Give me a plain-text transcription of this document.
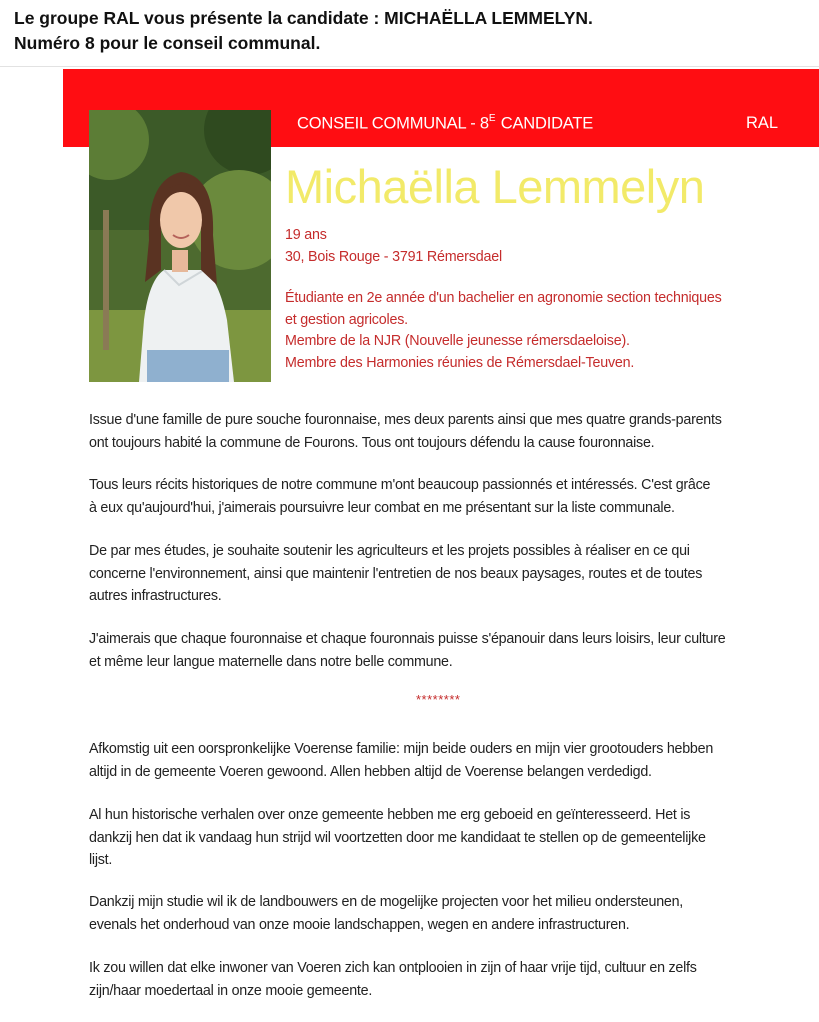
Le groupe RAL vous présente la candidate : MICHAËLLA LEMMELYN.
Numéro 8 pour le conseil communal.
CONSEIL COMMUNAL - $8^E$ CANDIDATE	RAL
Michaëlla Lemmelyn
19 ans
30, Bois Rouge - 3791 Rémersdael
Étudiante en 2e année d'un bachelier en agronomie section techniques
et gestion agricoles.
Membre de la NJR (Nouvelle jeunesse rémersdaeloise).
Membre des Harmonies réunies de Rémersdael-Teuven.
Issue d'une famille de pure souche fouronnaise, mes deux parents ainsi que mes quatre grands-parents
ont toujours habité la commune de Fourons. Tous ont toujours défendu la cause fouronnaise.
Tous leurs récits historiques de notre commune m'ont beaucoup passionnés et intéressés. C'est grâce
à eux qu'aujourd'hui, j'aimerais poursuivre leur combat en me présentant sur la liste communale.
De par mes études, je souhaite soutenir les agriculteurs et les projets possibles à réaliser en ce qui
concerne l'environnement, ainsi que maintenir l'entretien de nos beaux paysages, routes et de toutes
autres infrastructures.
J'aimerais que chaque fouronnaise et chaque fouronnais puisse s'épanouir dans leurs loisirs, leur culture
et même leur langue maternelle dans notre belle commune.
********
Afkomstig uit een oorspronkelijke Voerense familie: mijn beide ouders en mijn vier grootouders hebben
altijd in de gemeente Voeren gewoond. Allen hebben altijd de Voerense belangen verdedigd.
Al hun historische verhalen over onze gemeente hebben me erg geboeid en geïnteresseerd. Het is
dankzij hen dat ik vandaag hun strijd wil voortzetten door me kandidaat te stellen op de gemeentelijke
lijst.
Dankzij mijn studie wil ik de landbouwers en de mogelijke projecten voor het milieu ondersteunen,
evenals het onderhoud van onze mooie landschappen, wegen en andere infrastructuren.
Ik zou willen dat elke inwoner van Voeren zich kan ontplooien in zijn of haar vrije tijd, cultuur en zelfs
zijn/haar moedertaal in onze mooie gemeente.
